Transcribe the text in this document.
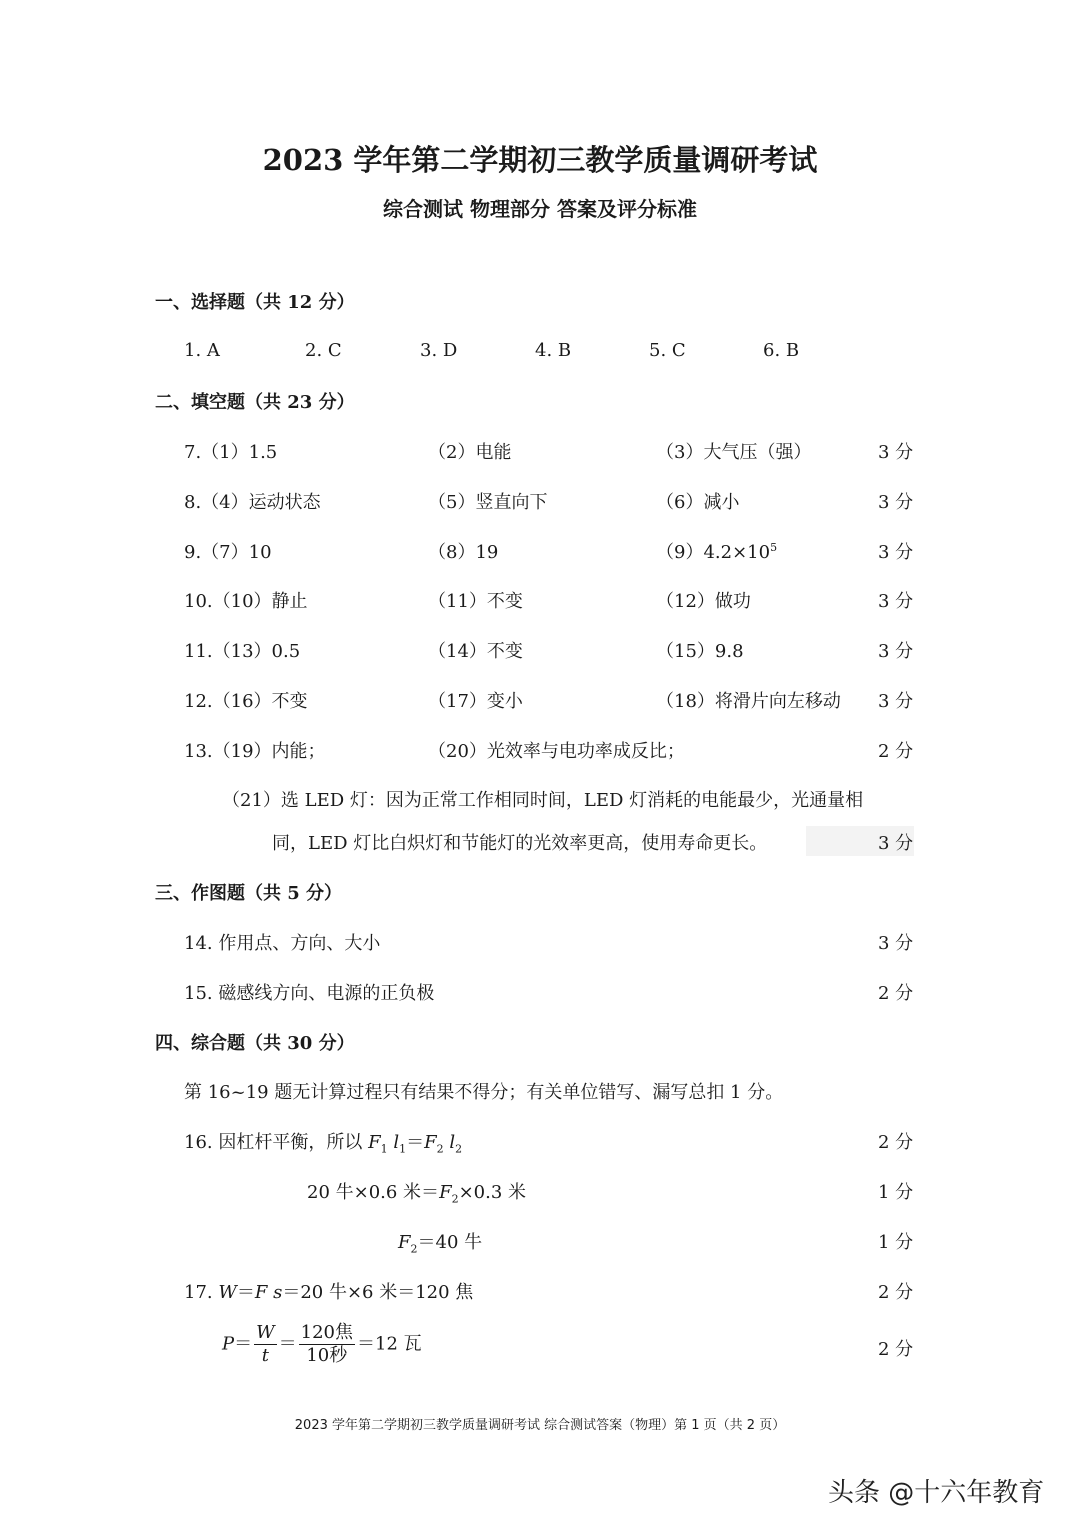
2023 学年第二学期初三教学质量调研考试
综合测试 物理部分 答案及评分标准
一、选择题（共 12 分）
1. A	2. C	3. D	4. B	5. C	6. B
二、填空题（共 23 分）
7.（1）1.5	（2）电能	（3）大气压（强）	3 分
8.（4）运动状态	（5）竖直向下	（6）减小	3 分
9.（7）10	（8）19	$(9)4.2\times 10^5$	3 分
10.（10）静止	（11）不变	（12）做功	3 分
11.（13）0.5	（14）不变	（15）9.8	3 分
12.（16）不变	（17）变小	（18）将滑片向左移动 3 分
13.（19）内能；	（20）光效率与电功率成反比；	2 分
（21）选 LED 灯：因为正常工作相同时间，LED 灯消耗的电能最少，光通量相
同，LED 灯比白炽灯和节能灯的光效率更高，使用寿命更长。	3 分
三、作图题（共 5 分）
14. 作用点、方向、大小	3 分
15. 磁感线方向、电源的正负极	2 分
四、综合题（共 30 分）
第 16~19 题无计算过程只有结果不得分；有关单位错写、漏写总扣 1 分。
16. 因杠杆平衡，所以 $F_1$ $l_1=F_2$ $l_2$	2 分
20 牛×0.6 米$=F_2\times 0.3$ 米	1 分
$F_2=40$ 牛	1 分
17. W＝F s＝20 牛×6 米＝120 焦	2 分
$P= \frac{W}{t} = \frac{\text{120焦}}{\text{10秒}} =12$ 瓦	2 分
2023 学年第二学期初三教学质量调研考试 综合测试答案（物理）第 1 页（共 2 页）
头条 @十六年教育
